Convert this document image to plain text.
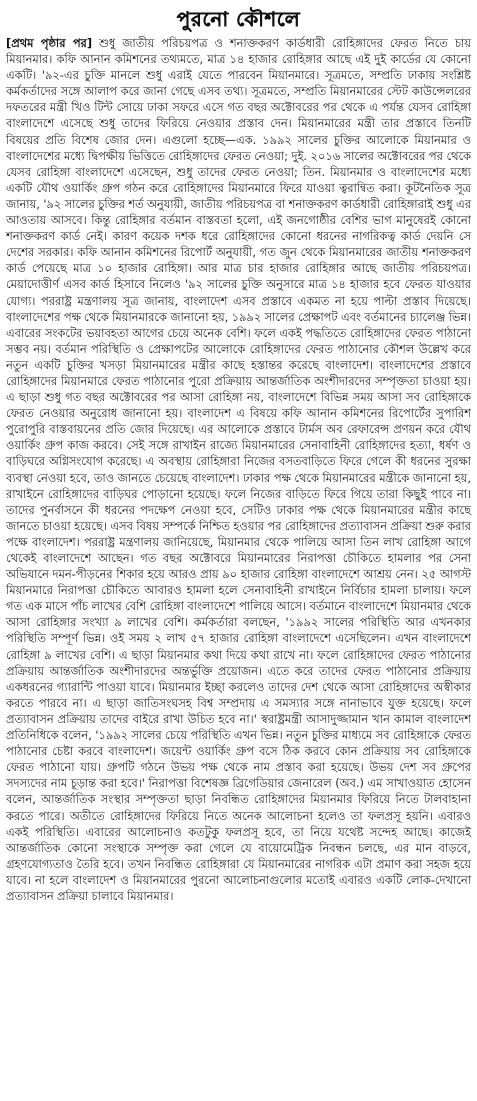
পুরনো কৌশলে

[প্রথম পৃষ্ঠার পর] শুধু জাতীয় পরিচয়পত্র ও শনাক্তকরণ কার্ডধারী রোহিঙ্গাদের ফেরত নিতে চায় মিয়ানমার। কফি আনান কমিশনের তথ্যমতে, মাত্র ১৪ হাজার রোহিঙ্গার আছে এই দুই কার্ডের যে কোনো একটি। '৯২-এর চুক্তি মানলে শুধু এরাই যেতে পারবেন মিয়ানমারে। সূত্রমতে, সম্প্রতি ঢাকায় সংশ্লিষ্ট কর্মকর্তাদের সঙ্গে আলাপ করে জানা গেছে এসব তথ্য। সূত্রমতে, সম্প্রতি মিয়ানমারের স্টেট কাউন্সেলরের দফতরের মন্ত্রী খিও টিন্ট সোয়ে ঢাকা সফরে এসে গত বছর অক্টোবরের পর থেকে এ পর্যন্ত যেসব রোহিঙ্গা বাংলাদেশে এসেছে শুধু তাদের ফিরিয়ে নেওয়ার প্রস্তাব দেন। মিয়ানমারের মন্ত্রী তার প্রস্তাবে তিনটি বিষয়ের প্রতি বিশেষ জোর দেন। এগুলো হচ্ছে—এক. ১৯৯২ সালের চুক্তির আলোকে মিয়ানমার ও বাংলাদেশের মধ্যে দ্বিপক্ষীয় ভিত্তিতে রোহিঙ্গাদের ফেরত নেওয়া; দুই. ২০১৬ সালের অক্টোবরের পর থেকে যেসব রোহিঙ্গা বাংলাদেশে এসেছেন, শুধু তাদের ফেরত নেওয়া; তিন. মিয়ানমার ও বাংলাদেশের মধ্যে একটি যৌথ ওয়ার্কিং গ্রুপ গঠন করে রোহিঙ্গাদের মিয়ানমারে ফিরে যাওয়া ত্বরান্বিত করা। কূটনৈতিক সূত্র জানায়, '৯২ সালের চুক্তির শর্ত অনুযায়ী, জাতীয় পরিচয়পত্র বা শনাক্তকরণ কার্ডধারী রোহিঙ্গারাই শুধু এর আওতায় আসবে। কিন্তু রোহিঙ্গার বর্তমান বাস্তবতা হলো, এই জনগোষ্ঠীর বেশির ভাগ মানুষেরই কোনো শনাক্তকরণ কার্ড নেই। কারণ কয়েক দশক ধরে রোহিঙ্গাদের কোনো ধরনের নাগরিকত্ব কার্ড দেয়নি সে দেশের সরকার। কফি আনান কমিশনের রিপোর্ট অনুযায়ী, গত জুন থেকে মিয়ানমারের জাতীয় শনাক্তকরণ কার্ড পেয়েছে মাত্র ১০ হাজার রোহিঙ্গা। আর মাত্র চার হাজার রোহিঙ্গার আছে জাতীয় পরিচয়পত্র। মেয়াদোত্তীর্ণ এসব কার্ড হিসাবে নিলেও '৯২ সালের চুক্তি অনুসারে মাত্র ১৪ হাজার হবে ফেরত যাওয়ার যোগ্য। পররাষ্ট্র মন্ত্রণালয় সূত্র জানায়, বাংলাদেশ এসব প্রস্তাবে একমত না হয়ে পাল্টা প্রস্তাব দিয়েছে। বাংলাদেশের পক্ষ থেকে মিয়ানমারকে জানানো হয়, ১৯৯২ সালের প্রেক্ষাপট এবং বর্তমানের চ্যালেঞ্জ ভিন্ন। এবারের সংকটের ভয়াবহতা আগের চেয়ে অনেক বেশি। ফলে একই পদ্ধতিতে রোহিঙ্গাদের ফেরত পাঠানো সম্ভব নয়। বর্তমান পরিস্থিতি ও প্রেক্ষাপটের আলোকে রোহিঙ্গাদের ফেরত পাঠানোর কৌশল উল্লেখ করে নতুন একটি চুক্তির খসড়া মিয়ানমারের মন্ত্রীর কাছে হস্তান্তর করেছে বাংলাদেশ। বাংলাদেশের প্রস্তাবে রোহিঙ্গাদের মিয়ানমারে ফেরত পাঠানোর পুরো প্রক্রিয়ায় আন্তর্জাতিক অংশীদারদের সম্পৃক্ততা চাওয়া হয়। এ ছাড়া শুধু গত বছর অক্টোবরের পর আসা রোহিঙ্গা নয়, বাংলাদেশে বিভিন্ন সময় আসা সব রোহিঙ্গাকে ফেরত নেওয়ার অনুরোধ জানানো হয়। বাংলাদেশ এ বিষয়ে কফি আনান কমিশনের রিপোর্টের সুপারিশ পুরোপুরি বাস্তবায়নের প্রতি জোর দিয়েছে। এর আলোকে প্রস্তাবে টার্মস অব রেফারেন্স প্রণয়ন করে যৌথ ওয়ার্কিং গ্রুপ কাজ করবে। সেই সঙ্গে রাখাইন রাজ্যে মিয়ানমারের সেনাবাহিনী রোহিঙ্গাদের হত্যা, ধর্ষণ ও বাড়িঘরে অগ্নিসংযোগ করেছে। এ অবস্থায় রোহিঙ্গারা নিজের বসতবাড়িতে ফিরে গেলে কী ধরনের সুরক্ষা ব্যবস্থা নেওয়া হবে, তাও জানতে চেয়েছে বাংলাদেশ। ঢাকার পক্ষ থেকে মিয়ানমারের মন্ত্রীকে জানানো হয়, রাখাইনে রোহিঙ্গাদের বাড়িঘর পোড়ানো হয়েছে। ফলে নিজের বাড়িতে ফিরে গিয়ে তারা কিছুই পাবে না। তাদের পুনর্বাসনে কী ধরনের পদক্ষেপ নেওয়া হবে, সেটিও ঢাকার পক্ষ থেকে মিয়ানমারের মন্ত্রীর কাছে জানতে চাওয়া হয়েছে। এসব বিষয় সম্পর্কে নিশ্চিত হওয়ার পর রোহিঙ্গাদের প্রত্যাবাসন প্রক্রিয়া শুরু করার পক্ষে বাংলাদেশ। পররাষ্ট্র মন্ত্রণালয় জানিয়েছে, মিয়ানমার থেকে পালিয়ে আসা তিন লাখ রোহিঙ্গা আগে থেকেই বাংলাদেশে আছেন। গত বছর অক্টোবরে মিয়ানমারের নিরাপত্তা চৌকিতে হামলার পর সেনা অভিযানে দমন-পীড়নের শিকার হয়ে আরও প্রায় ৯০ হাজার রোহিঙ্গা বাংলাদেশে আশ্রয় নেন। ২৫ আগস্ট মিয়ানমারে নিরাপত্তা চৌকিতে আবারও হামলা হলে সেনাবাহিনী রাখাইনে নির্বিচার হামলা চালায়। ফলে গত এক মাসে পাঁচ লাখের বেশি রোহিঙ্গা বাংলাদেশে পালিয়ে আসে। বর্তমানে বাংলাদেশে মিয়ানমার থেকে আসা রোহিঙ্গার সংখ্যা ৯ লাখের বেশি। কর্মকর্তারা বলছেন, '১৯৯২ সালের পরিস্থিতি আর এখনকার পরিস্থিতি সম্পূর্ণ ভিন্ন। ওই সময় ২ লাখ ৫৭ হাজার রোহিঙ্গা বাংলাদেশে এসেছিলেন। এখন বাংলাদেশে রোহিঙ্গা ৯ লাখের বেশি। এ ছাড়া মিয়ানমার কথা দিয়ে কথা রাখে না। ফলে রোহিঙ্গাদের ফেরত পাঠানোর প্রক্রিয়ায় আন্তর্জাতিক অংশীদারদের অন্তর্ভুক্তি প্রয়োজন। এতে করে তাদের ফেরত পাঠানোর প্রক্রিয়ায় একধরনের গ্যারান্টি পাওয়া যাবে। মিয়ানমার ইচ্ছা করলেও তাদের দেশ থেকে আসা রোহিঙ্গাদের অস্বীকার করতে পারবে না। এ ছাড়া জাতিসংঘসহ বিশ্ব সম্প্রদায় এ সমস্যার সঙ্গে নানাভাবে যুক্ত হয়েছে। ফলে প্রত্যাবাসন প্রক্রিয়ায় তাদের বাইরে রাখা উচিত হবে না।' স্বরাষ্ট্রমন্ত্রী আসাদুজ্জামান খান কামাল বাংলাদেশ প্রতিনিধিকে বলেন, '১৯৯২ সালের চেয়ে পরিস্থিতি এখন ভিন্ন। নতুন চুক্তির মাধ্যমে সব রোহিঙ্গাকে ফেরত পাঠানোর চেষ্টা করবে বাংলাদেশ। জয়েন্ট ওয়ার্কিং গ্রুপ বসে ঠিক করবে কোন প্রক্রিয়ায় সব রোহিঙ্গাকে ফেরত পাঠানো যায়। গ্রুপটি গঠনে উভয় পক্ষ থেকে নাম প্রস্তাব করা হয়েছে। উভয় দেশ সব গ্রুপের সদস্যদের নাম চূড়ান্ত করা হবে।' নিরাপত্তা বিশেষজ্ঞ ব্রিগেডিয়ার জেনারেল (অব.) এম সাখাওয়াত হোসেন বলেন, আন্তর্জাতিক সংস্থার সম্পৃক্ততা ছাড়া নিবন্ধিত রোহিঙ্গাদের মিয়ানমার ফিরিয়ে নিতে টালবাহানা করতে পারে। অতীতে রোহিঙ্গাদের ফিরিয়ে নিতে অনেক আলোচনা হলেও তা ফলপ্রসূ হয়নি। এবারও একই পরিস্থিতি। এবারের আলোচনাও কতটুকু ফলপ্রসূ হবে, তা নিয়ে যথেষ্ট সন্দেহ আছে। কাজেই আন্তর্জাতিক কোনো সংস্থাকে সম্পৃক্ত করা গেলে যে বায়োমেট্রিক নিবন্ধন চলছে, এর মান বাড়বে, গ্রহণযোগ্যতাও তৈরি হবে। তখন নিবন্ধিত রোহিঙ্গারা যে মিয়ানমারের নাগরিক এটা প্রমাণ করা সহজ হয়ে যাবে। না হলে বাংলাদেশ ও মিয়ানমারের পুরনো আলোচনাগুলোর মতোই এবারও একটি লোক-দেখানো প্রত্যাবাসন প্রক্রিয়া চালাবে মিয়ানমার।
